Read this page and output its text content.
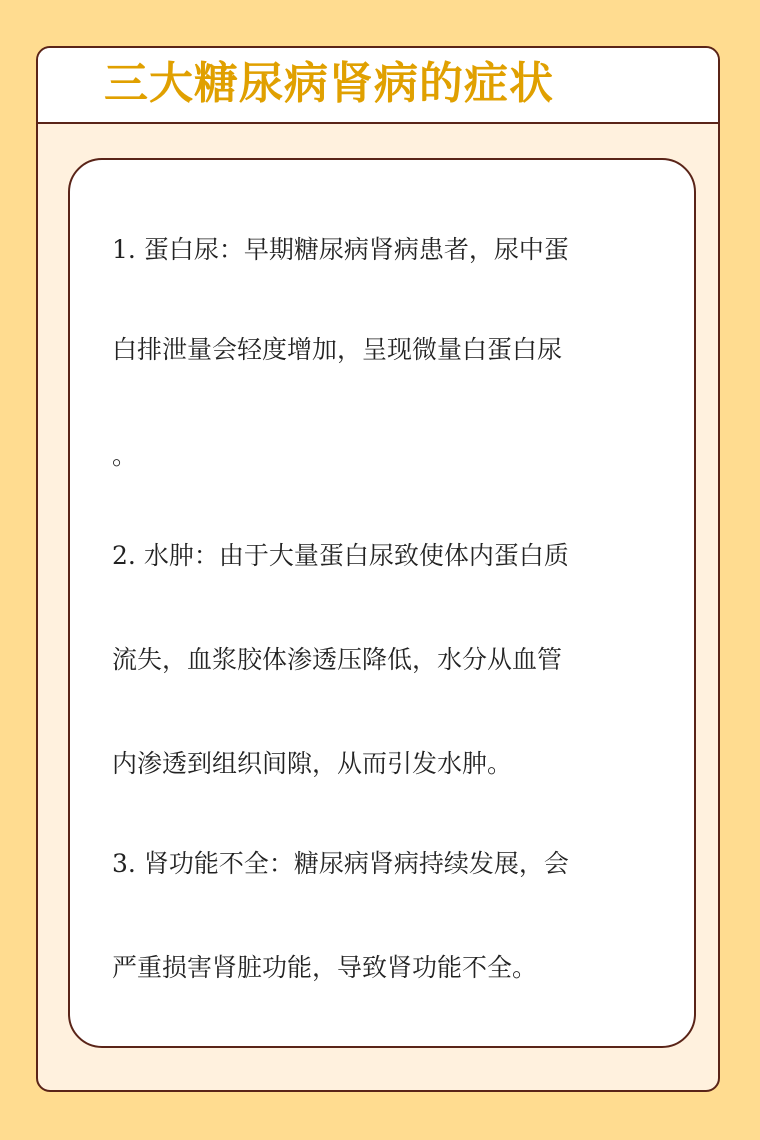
三大糖尿病肾病的症状

1. 蛋白尿：早期糖尿病肾病患者，尿中蛋

白排泄量会轻度增加，呈现微量白蛋白尿

。

2. 水肿：由于大量蛋白尿致使体内蛋白质

流失，血浆胶体渗透压降低，水分从血管

内渗透到组织间隙，从而引发水肿。

3. 肾功能不全：糖尿病肾病持续发展，会

严重损害肾脏功能，导致肾功能不全。
